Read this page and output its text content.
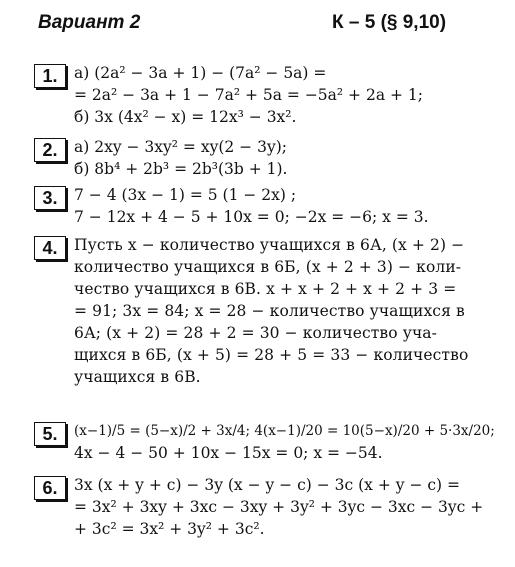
Вариант 2	К – 5 (§ 9,10)
1.	а) (2a² − 3a + 1) − (7a² − 5a) =
= 2a² − 3a + 1 − 7a² + 5a = −5a² + 2a + 1;
б) 3x (4x² − x) = 12x³ − 3x².
2.	а) 2xy − 3xy² = xy(2 − 3y);
б) 8b⁴ + 2b³ = 2b³(3b + 1).
3.	7 − 4 (3x − 1) = 5 (1 − 2x) ;
7 − 12x + 4 − 5 + 10x = 0; −2x = −6; x = 3.
4.	Пусть x − количество учащихся в 6А, (x + 2) −
количество учащихся в 6Б, (x + 2 + 3) − коли-
чество учащихся в 6В. x + x + 2 + x + 2 + 3 =
= 91; 3x = 84; x = 28 − количество учащихся в
6А; (x + 2) = 28 + 2 = 30 − количество уча-
щихся в 6Б, (x + 5) = 28 + 5 = 33 − количество
учащихся в 6В.
5.	(x−1)/5 = (5−x)/2 + 3x/4; 4(x−1)/20 = 10(5−x)/20 + 5·3x/20;
4x − 4 − 50 + 10x − 15x = 0; x = −54.
6.	3x (x + y + c) − 3y (x − y − c) − 3c (x + y − c) =
= 3x² + 3xy + 3xc − 3xy + 3y² + 3yc − 3xc − 3yc +
+ 3c² = 3x² + 3y² + 3c².
